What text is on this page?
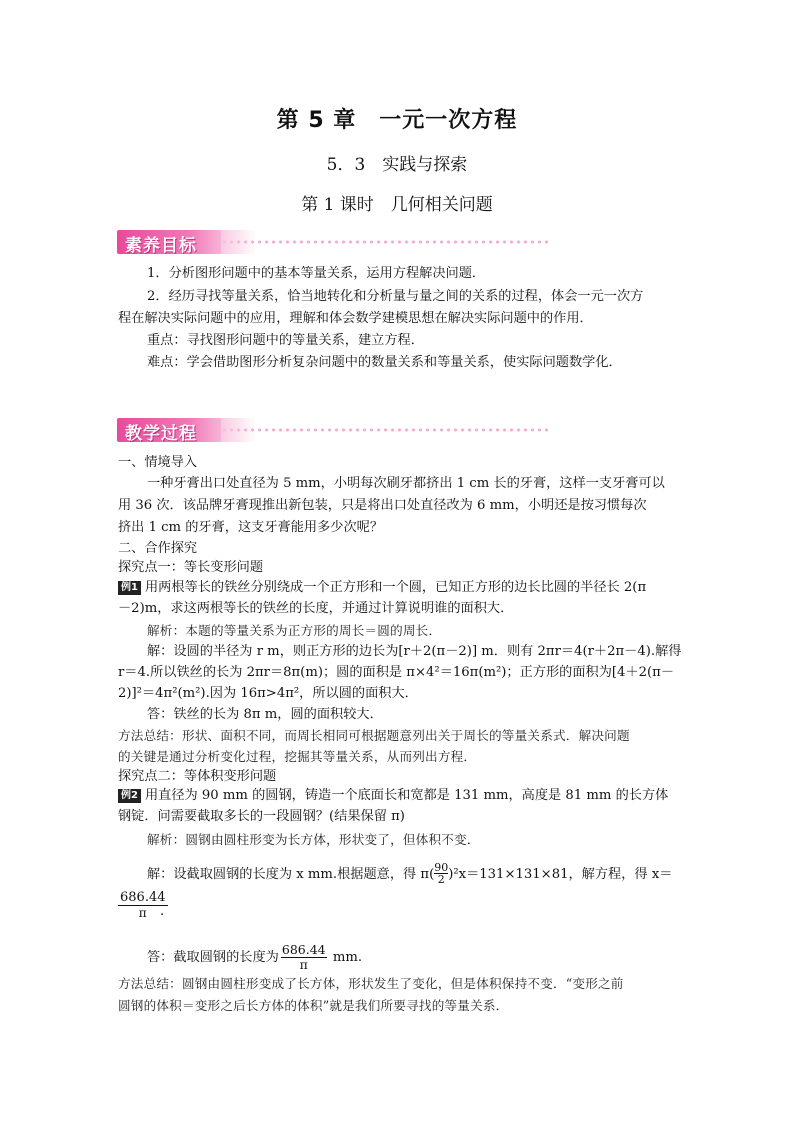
第 5 章　一元一次方程
5．3　实践与探索
第 1 课时　几何相关问题
素养目标
1．分析图形问题中的基本等量关系，运用方程解决问题．
2．经历寻找等量关系，恰当地转化和分析量与量之间的关系的过程，体会一元一次方
程在解决实际问题中的应用，理解和体会数学建模思想在解决实际问题中的作用．
重点：寻找图形问题中的等量关系，建立方程．
难点：学会借助图形分析复杂问题中的数量关系和等量关系，使实际问题数学化．
教学过程
一、情境导入
一种牙膏出口处直径为 5 mm，小明每次刷牙都挤出 1 cm 长的牙膏，这样一支牙膏可以
用 36 次．该品牌牙膏现推出新包装，只是将出口处直径改为 6 mm，小明还是按习惯每次
挤出 1 cm 的牙膏，这支牙膏能用多少次呢？
二、合作探究
探究点一：等长变形问题
例1 用两根等长的铁丝分别绕成一个正方形和一个圆，已知正方形的边长比圆的半径长 2(π
－2)m，求这两根等长的铁丝的长度，并通过计算说明谁的面积大．
解析：本题的等量关系为正方形的周长＝圆的周长．
解：设圆的半径为 r m，则正方形的边长为[r＋2(π－2)] m．则有 2πr＝4(r＋2π－4).解得
r＝4.所以铁丝的长为 2πr＝8π(m)；圆的面积是 π×4²＝16π(m²)；正方形的面积为[4＋2(π－
2)]²＝4π²(m²).因为 16π>4π²，所以圆的面积大．
答：铁丝的长为 8π m，圆的面积较大．
方法总结：形状、面积不同，而周长相同可根据题意列出关于周长的等量关系式．解决问题
的关键是通过分析变化过程，挖掘其等量关系，从而列出方程．
探究点二：等体积变形问题
例2 用直径为 90 mm 的圆钢，铸造一个底面长和宽都是 131 mm，高度是 81 mm 的长方体
钢锭．问需要截取多长的一段圆钢？(结果保留 π)
解析：圆钢由圆柱形变为长方体，形状变了，但体积不变．
解：设截取圆钢的长度为 x mm.根据题意，得 $\pi( \frac{90}{2} )^2x=131\times 131\times 81$，解方程，得 x＝
$\frac{686.44}{\pi}$
.
答：截取圆钢的长度为 $\frac{686.44}{\pi}$ mm.
方法总结：圆钢由圆柱形变成了长方体，形状发生了变化，但是体积保持不变．“变形之前
圆钢的体积＝变形之后长方体的体积”就是我们所要寻找的等量关系．
